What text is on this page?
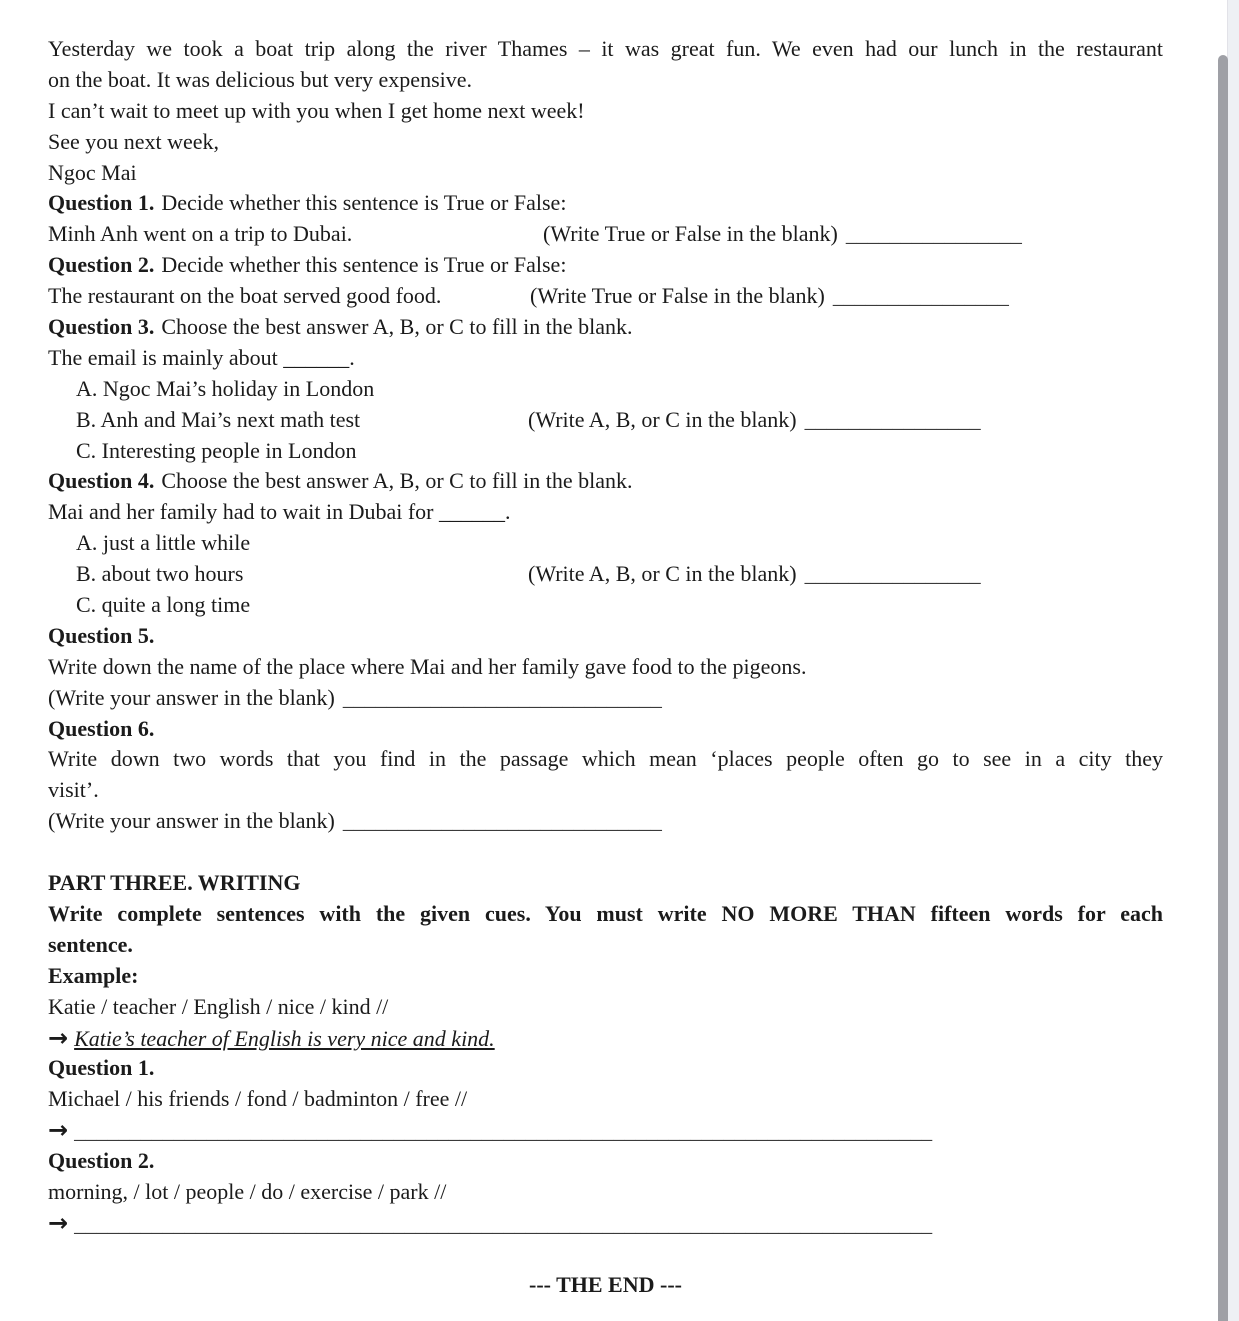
Yesterday we took a boat trip along the river Thames – it was great fun. We even had our lunch in the restaurant
on the boat. It was delicious but very expensive.
I can’t wait to meet up with you when I get home next week!
See you next week,
Ngoc Mai
Question 1. Decide whether this sentence is True or False:
Minh Anh went on a trip to Dubai.	(Write True or False in the blank) ________________
Question 2. Decide whether this sentence is True or False:
The restaurant on the boat served good food.	(Write True or False in the blank) ________________
Question 3. Choose the best answer A, B, or C to fill in the blank.
The email is mainly about ______.
A. Ngoc Mai’s holiday in London
B. Anh and Mai’s next math test	(Write A, B, or C in the blank) ________________
C. Interesting people in London
Question 4. Choose the best answer A, B, or C to fill in the blank.
Mai and her family had to wait in Dubai for ______.
A. just a little while
B. about two hours	(Write A, B, or C in the blank) ________________
C. quite a long time
Question 5.
Write down the name of the place where Mai and her family gave food to the pigeons.
(Write your answer in the blank) _____________________________
Question 6.
Write down two words that you find in the passage which mean ‘places people often go to see in a city they
visit’.
(Write your answer in the blank) _____________________________
PART THREE. WRITING
Write complete sentences with the given cues. You must write NO MORE THAN fifteen words for each
sentence.
Example:
Katie / teacher / English / nice / kind //
→ Katie’s teacher of English is very nice and kind.
Question 1.
Michael / his friends / fond / badminton / free //
→ ______________________________________________________________________________
Question 2.
morning, / lot / people / do / exercise / park //
→ ______________________________________________________________________________
--- THE END ---
